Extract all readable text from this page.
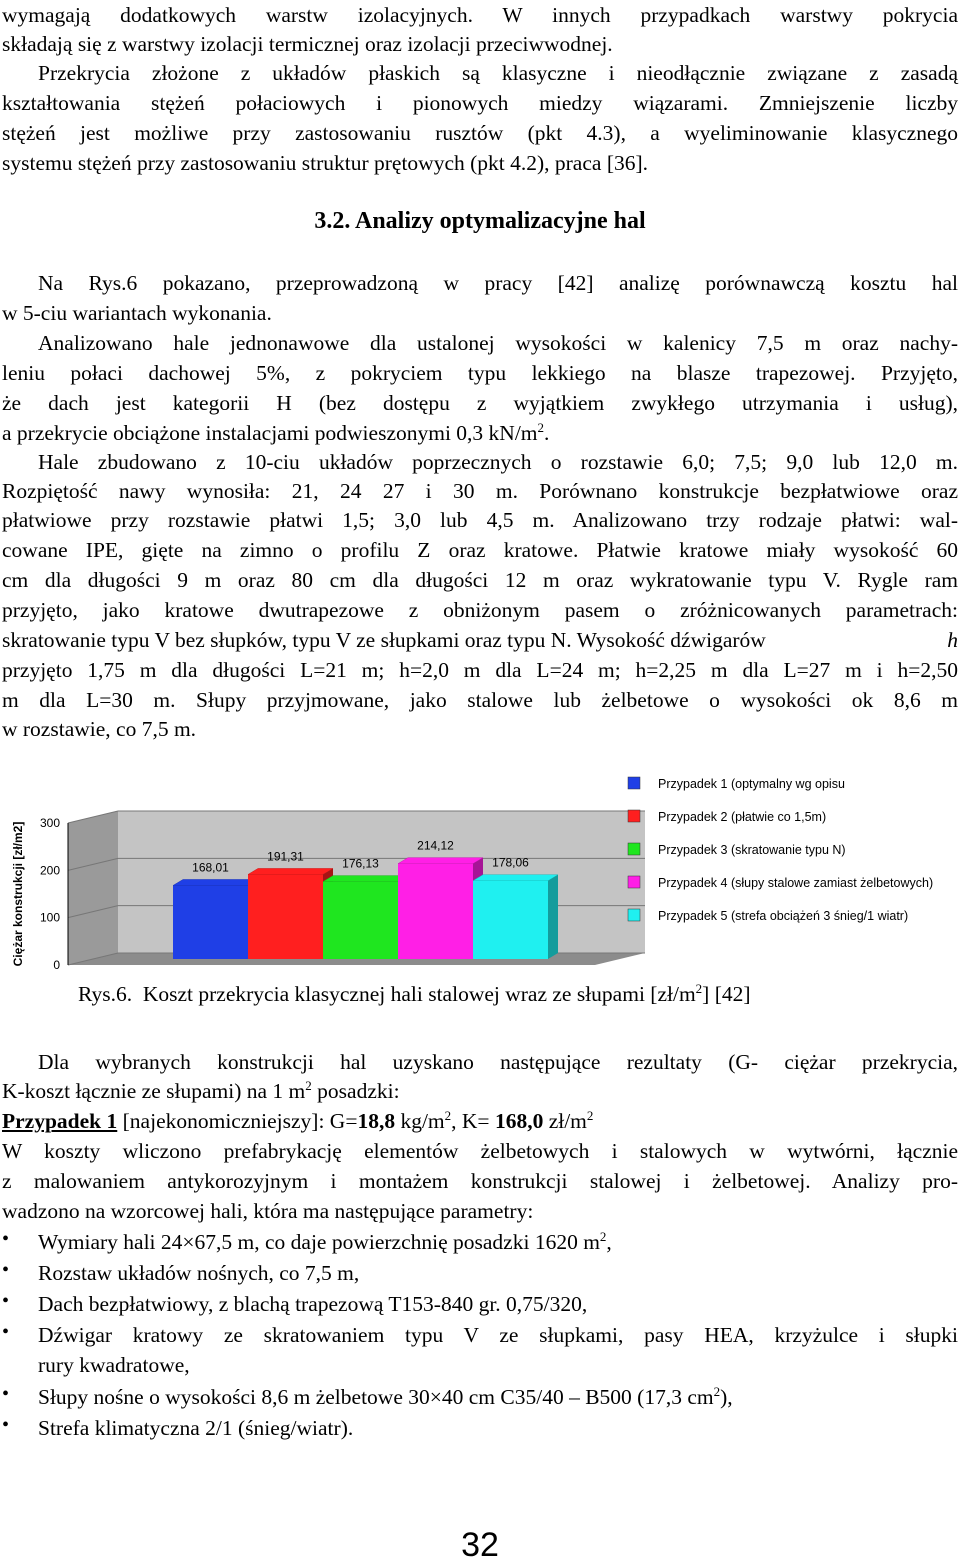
wymagają dodatkowych warstw izolacyjnych. W innych przypadkach warstwy pokrycia
składają się z warstwy izolacji termicznej oraz izolacji przeciwwodnej.
Przekrycia złożone z układów płaskich są klasyczne i nieodłącznie związane z zasadą
kształtowania stężeń połaciowych i pionowych miedzy wiązarami. Zmniejszenie liczby
stężeń jest możliwe przy zastosowaniu rusztów (pkt 4.3), a wyeliminowanie klasycznego
systemu stężeń przy zastosowaniu struktur prętowych (pkt 4.2), praca [36].
3.2. Analizy optymalizacyjne hal
Na Rys.6 pokazano, przeprowadzoną w pracy [42] analizę porównawczą kosztu hal
w 5-ciu wariantach wykonania.
Analizowano hale jednonawowe dla ustalonej wysokości w kalenicy 7,5 m oraz nachy-
leniu połaci dachowej 5%, z pokryciem typu lekkiego na blasze trapezowej. Przyjęto,
że dach jest kategorii H (bez dostępu z wyjątkiem zwykłego utrzymania i usług),
a przekrycie obciążone instalacjami podwieszonymi 0,3 $kN/m^2$.
Hale zbudowano z 10-ciu układów poprzecznych o rozstawie 6,0; 7,5; 9,0 lub 12,0 m.
Rozpiętość nawy wynosiła: 21, 24 27 i 30 m. Porównano konstrukcje bezpłatwiowe oraz
płatwiowe przy rozstawie płatwi 1,5; 3,0 lub 4,5 m. Analizowano trzy rodzaje płatwi: wal-
cowane IPE, gięte na zimno o profilu Z oraz kratowe. Płatwie kratowe miały wysokość 60
cm dla długości 9 m oraz 80 cm dla długości 12 m oraz wykratowanie typu V. Rygle ram
przyjęto, jako kratowe dwutrapezowe z obniżonym pasem o zróżnicowanych parametrach:
skratowanie typu V bez słupków, typu V ze słupkami oraz typu N. Wysokość dźwigarów	h
przyjęto 1,75 m dla długości L=21 m; h=2,0 m dla L=24 m; h=2,25 m dla L=27 m i h=2,50
m dla L=30 m. Słupy przyjmowane, jako stalowe lub żelbetowe o wysokości ok 8,6 m
w rozstawie, co 7,5 m.
0
100
200
300
Ciężar konstrukcji [zł/m2]	168,01
191,31
176,13
214,12
178,06
Przypadek 1 (optymalny wg opisu
Przypadek 2 (płatwie co 1,5m)
Przypadek 3 (skratowanie typu N)
Przypadek 4 (słupy stalowe zamiast żelbetowych)
Przypadek 5 (strefa obciążeń 3 śnieg/1 wiatr)
Rys.6. Koszt przekrycia klasycznej hali stalowej wraz ze słupami $[zł/m^2]$ [42]
Dla wybranych konstrukcji hal uzyskano następujące rezultaty (G- ciężar przekrycia,
K-koszt łącznie ze słupami) na 1 $m^2$ posadzki:
Przypadek 1 [najekonomiczniejszy]: G=18,8 $kg/m^2$, K= 168,0 $zł/m^2$
W koszty wliczono prefabrykację elementów żelbetowych i stalowych w wytwórni, łącznie
z malowaniem antykorozyjnym i montażem konstrukcji stalowej i żelbetowej. Analizy pro-
wadzono na wzorcowej hali, która ma następujące parametry:
• Wymiary hali 24×67,5 m, co daje powierzchnię posadzki 1620 $m^2$,
• Rozstaw układów nośnych, co 7,5 m,
• Dach bezpłatwiowy, z blachą trapezową T153-840 gr. 0,75/320,
• Dźwigar kratowy ze skratowaniem typu V ze słupkami, pasy HEA, krzyżulce i słupki
rury kwadratowe,
• Słupy nośne o wysokości 8,6 m żelbetowe 30×40 cm C35/40 – B500 (17,3 $cm^2$),
• Strefa klimatyczna 2/1 (śnieg/wiatr).
32
